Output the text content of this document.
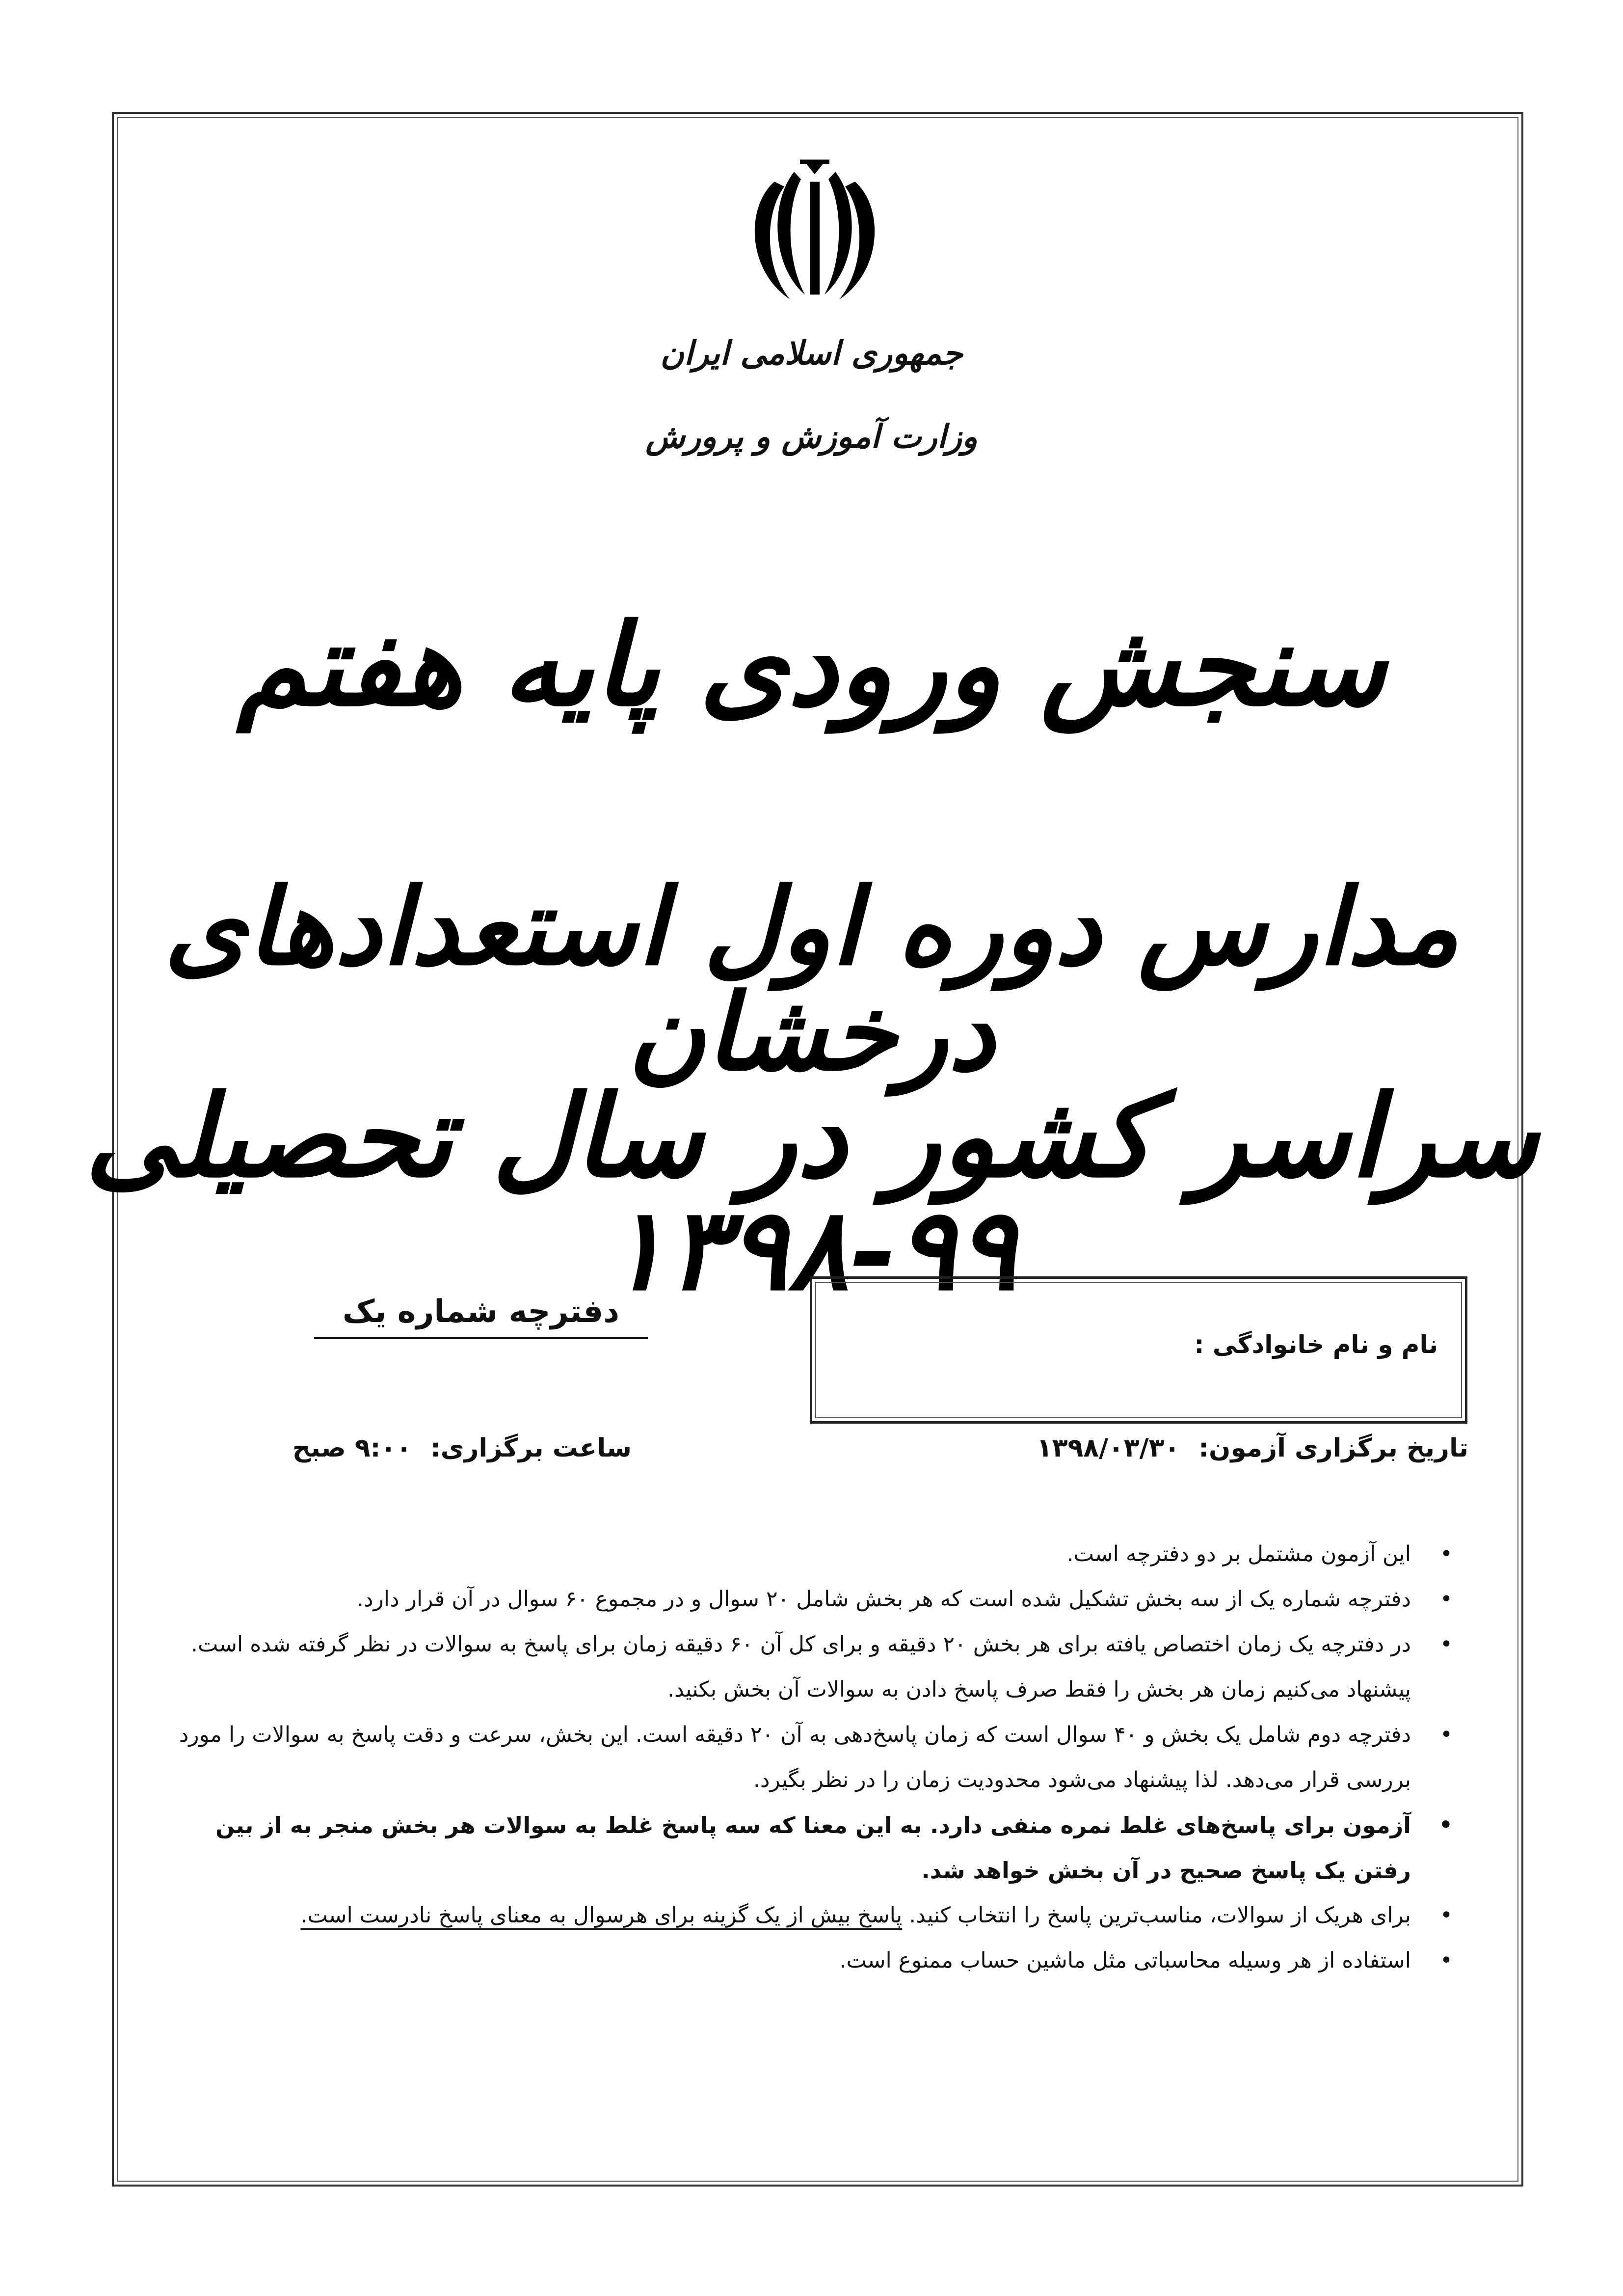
جمهوری اسلامی ایران
وزارت آموزش و پرورش
سنجش ورودی پایه هفتم
مدارس دوره اول استعدادهای درخشان
سراسر کشور در سال تحصیلی ۹۹-۱۳۹۸
دفترچه شماره یک
نام و نام خانوادگی :
تاریخ برگزاری آزمون: ۱۳۹۸/۰۳/۳۰
ساعت برگزاری: ۹:۰۰ صبح
•
این آزمون مشتمل بر دو دفترچه است.
•
دفترچه شماره یک از سه بخش تشکیل شده است که هر بخش شامل ۲۰ سوال و در مجموع ۶۰ سوال در آن قرار دارد.
•
در دفترچه یک زمان اختصاص یافته برای هر بخش ۲۰ دقیقه و برای کل آن ۶۰ دقیقه زمان برای پاسخ به سوالات در نظر گرفته شده است. پیشنهاد می‌کنیم زمان هر بخش را فقط صرف پاسخ دادن به سوالات آن بخش بکنید.
•
دفترچه دوم شامل یک بخش و ۴۰ سوال است که زمان پاسخ‌دهی به آن ۲۰ دقیقه است. این بخش، سرعت و دقت پاسخ به سوالات را مورد بررسی قرار می‌دهد. لذا پیشنهاد می‌شود محدودیت زمان را در نظر بگیرد.
•
آزمون برای پاسخ‌های غلط نمره منفی دارد. به این معنا که سه پاسخ غلط به سوالات هر بخش منجر به از بین رفتن یک پاسخ صحیح در آن بخش خواهد شد.
•
برای هریک از سوالات، مناسب‌ترین پاسخ را انتخاب کنید. پاسخ بیش از یک گزینه برای هرسوال به معنای پاسخ نادرست است.
•
استفاده از هر وسیله محاسباتی مثل ماشین حساب ممنوع است.
